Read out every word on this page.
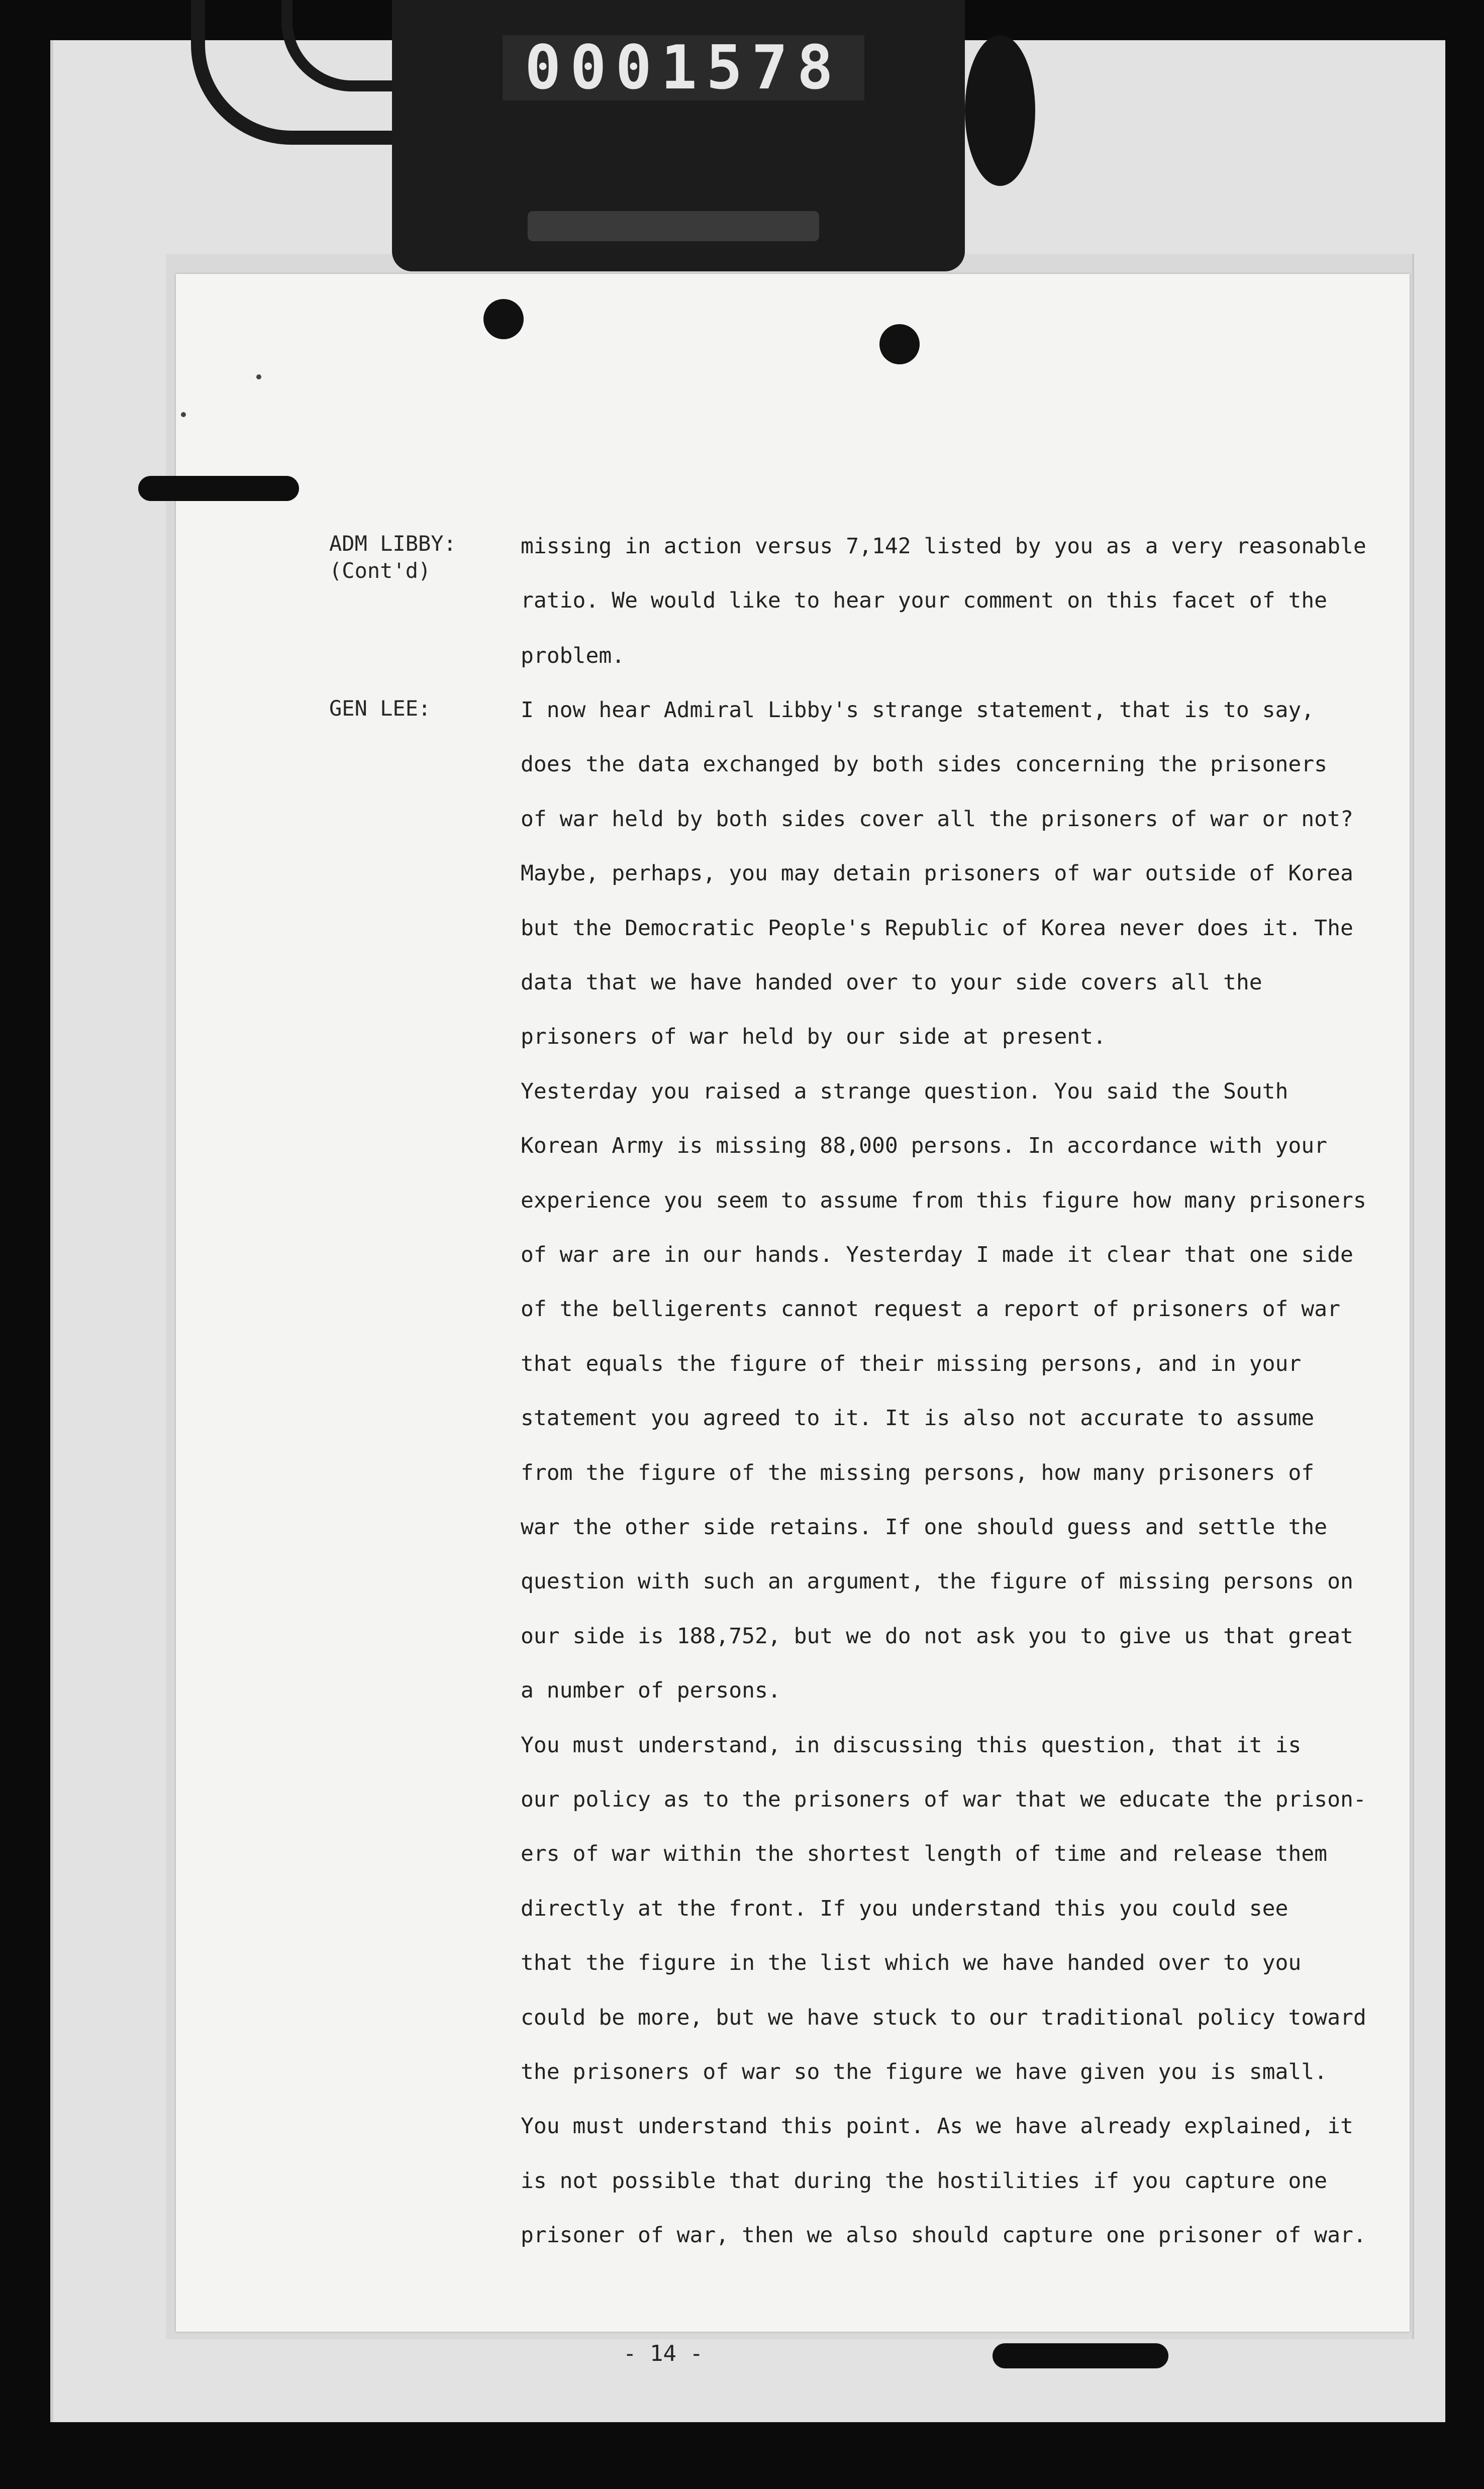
0001578
ADM LIBBY:
(Cont'd)
GEN LEE:
missing in action versus 7,142 listed by you as a very reasonable
ratio. We would like to hear your comment on this facet of the
problem.
I now hear Admiral Libby's strange statement, that is to say,
does the data exchanged by both sides concerning the prisoners
of war held by both sides cover all the prisoners of war or not?
Maybe, perhaps, you may detain prisoners of war outside of Korea
but the Democratic People's Republic of Korea never does it. The
data that we have handed over to your side covers all the
prisoners of war held by our side at present.
Yesterday you raised a strange question. You said the South
Korean Army is missing 88,000 persons. In accordance with your
experience you seem to assume from this figure how many prisoners
of war are in our hands. Yesterday I made it clear that one side
of the belligerents cannot request a report of prisoners of war
that equals the figure of their missing persons, and in your
statement you agreed to it. It is also not accurate to assume
from the figure of the missing persons, how many prisoners of
war the other side retains. If one should guess and settle the
question with such an argument, the figure of missing persons on
our side is 188,752, but we do not ask you to give us that great
a number of persons.
You must understand, in discussing this question, that it is
our policy as to the prisoners of war that we educate the prison-
ers of war within the shortest length of time and release them
directly at the front. If you understand this you could see
that the figure in the list which we have handed over to you
could be more, but we have stuck to our traditional policy toward
the prisoners of war so the figure we have given you is small.
You must understand this point. As we have already explained, it
is not possible that during the hostilities if you capture one
prisoner of war, then we also should capture one prisoner of war.
- 14 -
